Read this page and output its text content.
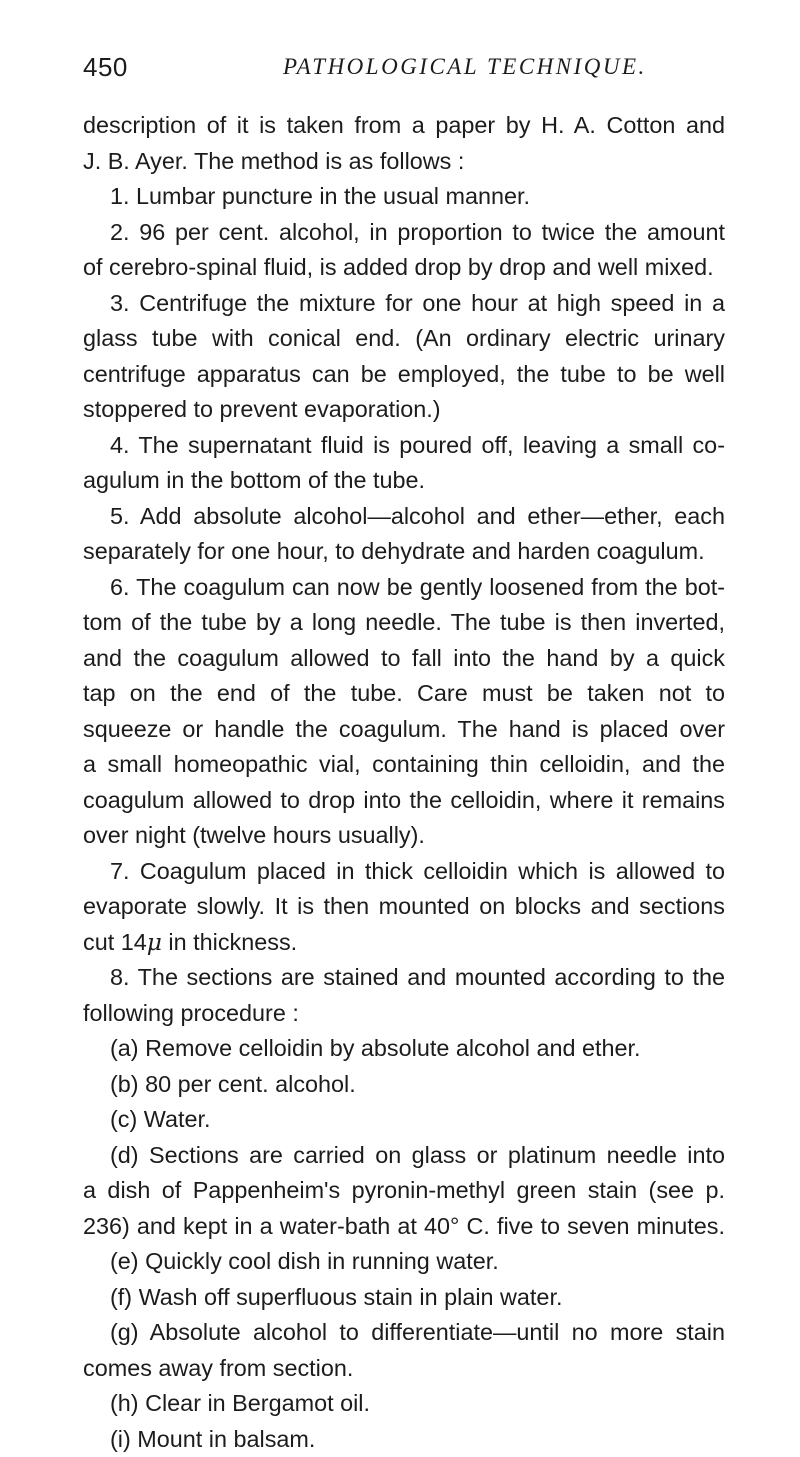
450	PATHOLOGICAL TECHNIQUE.
description of it is taken from a paper by H. A. Cotton and
J. B. Ayer. The method is as follows :
1. Lumbar puncture in the usual manner.
2. 96 per cent. alcohol, in proportion to twice the amount
of cerebro-spinal fluid, is added drop by drop and well mixed.
3. Centrifuge the mixture for one hour at high speed in a
glass tube with conical end. (An ordinary electric urinary
centrifuge apparatus can be employed, the tube to be well
stoppered to prevent evaporation.)
4. The supernatant fluid is poured off, leaving a small co-
agulum in the bottom of the tube.
5. Add absolute alcohol—alcohol and ether—ether, each
separately for one hour, to dehydrate and harden coagulum.
6. The coagulum can now be gently loosened from the bot-
tom of the tube by a long needle. The tube is then inverted,
and the coagulum allowed to fall into the hand by a quick
tap on the end of the tube. Care must be taken not to
squeeze or handle the coagulum. The hand is placed over
a small homeopathic vial, containing thin celloidin, and the
coagulum allowed to drop into the celloidin, where it remains
over night (twelve hours usually).
7. Coagulum placed in thick celloidin which is allowed to
evaporate slowly. It is then mounted on blocks and sections
cut 14μ in thickness.
8. The sections are stained and mounted according to the
following procedure :
(a) Remove celloidin by absolute alcohol and ether.
(b) 80 per cent. alcohol.
(c) Water.
(d) Sections are carried on glass or platinum needle into
a dish of Pappenheim's pyronin-methyl green stain (see p.
236) and kept in a water-bath at 40° C. five to seven minutes.
(e) Quickly cool dish in running water.
(f) Wash off superfluous stain in plain water.
(g) Absolute alcohol to differentiate—until no more stain
comes away from section.
(h) Clear in Bergamot oil.
(i) Mount in balsam.
